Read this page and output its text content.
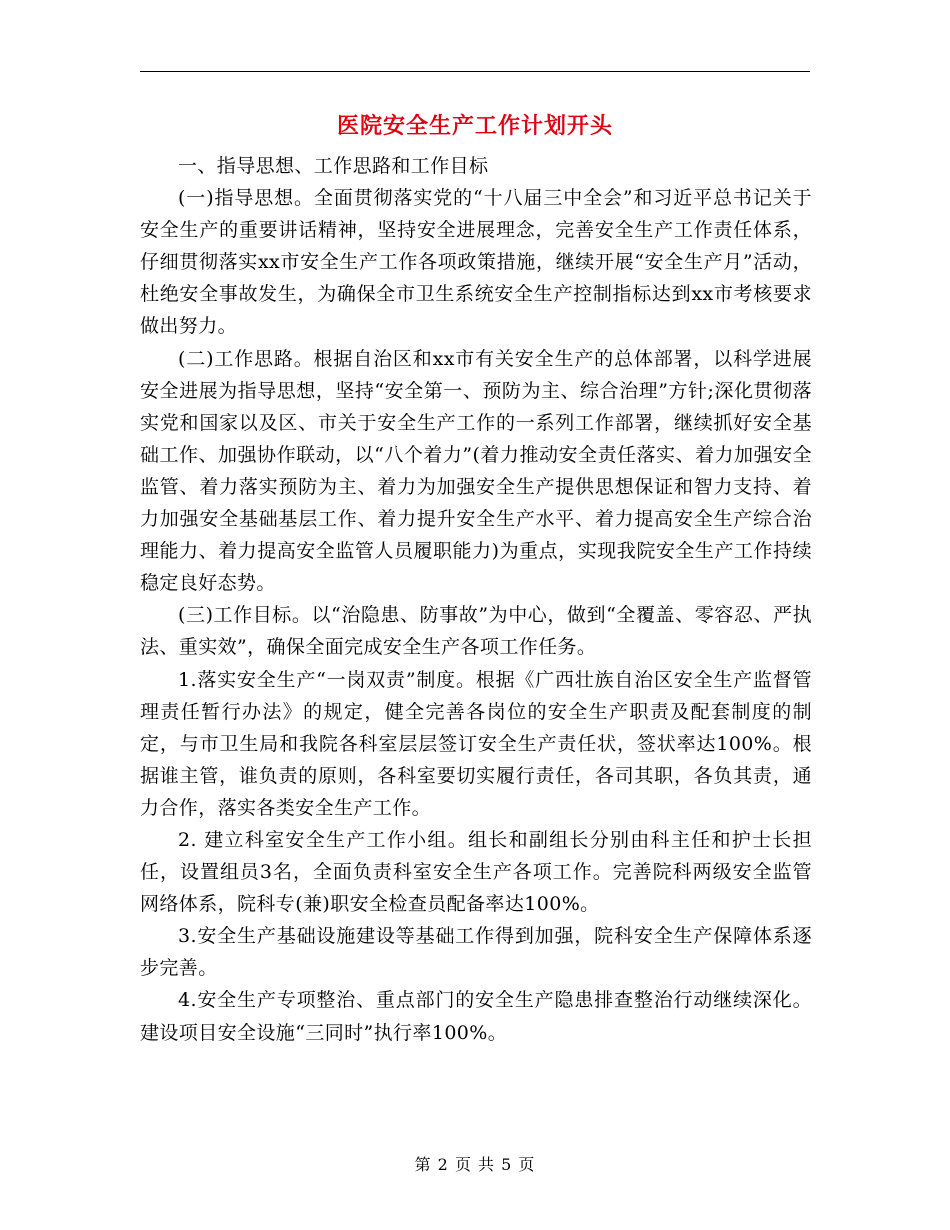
医院安全生产工作计划开头

一、指导思想、工作思路和工作目标

(一)指导思想。全面贯彻落实党的“十八届三中全会”和习近平总书记关于安全生产的重要讲话精神，坚持安全进展理念，完善安全生产工作责任体系，仔细贯彻落实xx市安全生产工作各项政策措施，继续开展“安全生产月”活动，杜绝安全事故发生，为确保全市卫生系统安全生产控制指标达到xx市考核要求做出努力。

(二)工作思路。根据自治区和xx市有关安全生产的总体部署，以科学进展安全进展为指导思想，坚持“安全第一、预防为主、综合治理”方针;深化贯彻落实党和国家以及区、市关于安全生产工作的一系列工作部署，继续抓好安全基础工作、加强协作联动，以“八个着力”(着力推动安全责任落实、着力加强安全监管、着力落实预防为主、着力为加强安全生产提供思想保证和智力支持、着力加强安全基础基层工作、着力提升安全生产水平、着力提高安全生产综合治理能力、着力提高安全监管人员履职能力)为重点，实现我院安全生产工作持续稳定良好态势。

(三)工作目标。以“治隐患、防事故”为中心，做到“全覆盖、零容忍、严执法、重实效”，确保全面完成安全生产各项工作任务。

1.落实安全生产“一岗双责”制度。根据《广西壮族自治区安全生产监督管理责任暂行办法》的规定，健全完善各岗位的安全生产职责及配套制度的制定，与市卫生局和我院各科室层层签订安全生产责任状，签状率达100%。根据谁主管，谁负责的原则，各科室要切实履行责任，各司其职，各负其责，通力合作，落实各类安全生产工作。

2. 建立科室安全生产工作小组。组长和副组长分别由科主任和护士长担任，设置组员3名，全面负责科室安全生产各项工作。完善院科两级安全监管网络体系，院科专(兼)职安全检查员配备率达100%。

3.安全生产基础设施建设等基础工作得到加强，院科安全生产保障体系逐步完善。

4.安全生产专项整治、重点部门的安全生产隐患排查整治行动继续深化。建设项目安全设施“三同时”执行率100%。

第 2 页 共 5 页
